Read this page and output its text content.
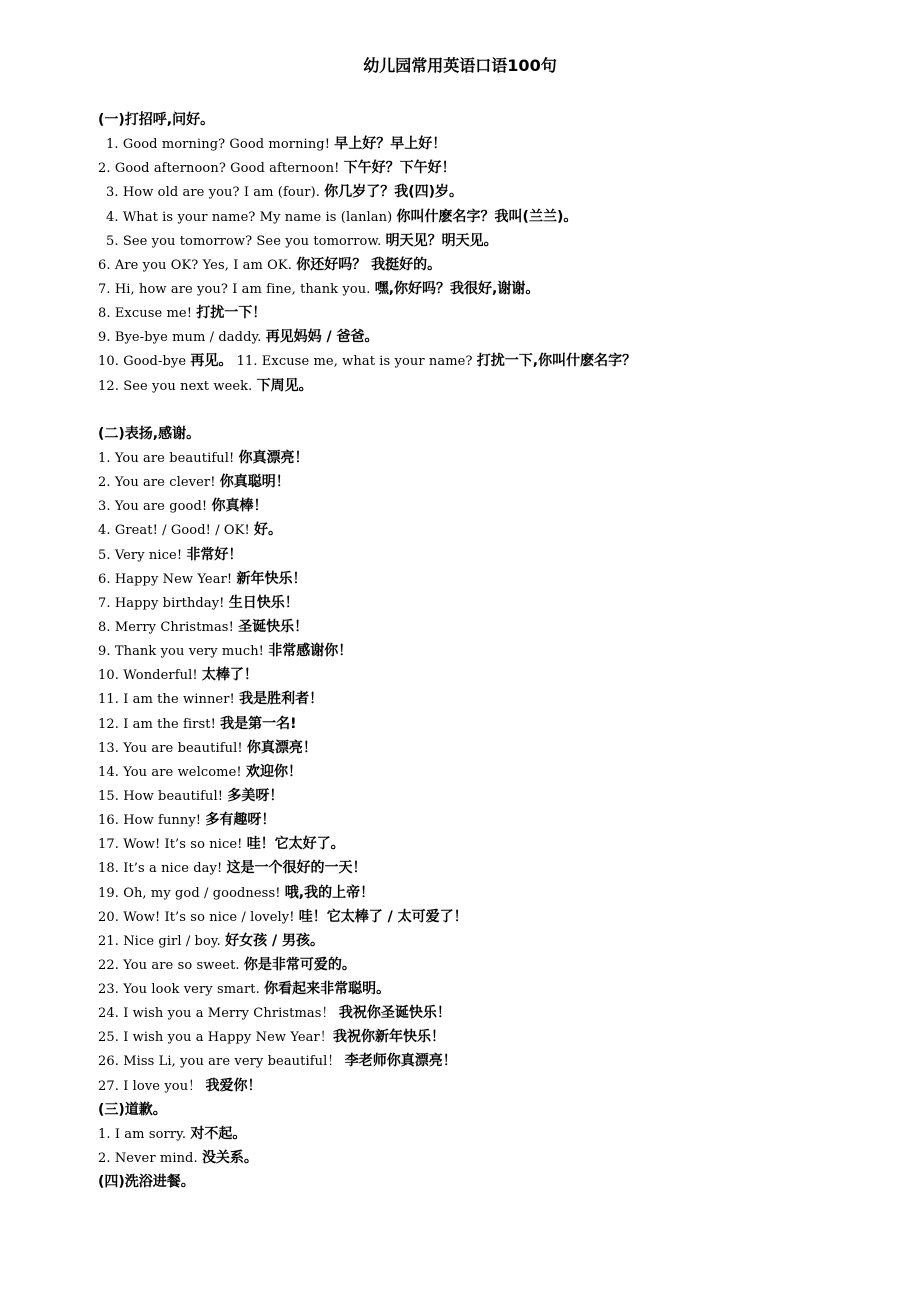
幼儿园常用英语口语100句
(一)打招呼,问好。
1. Good morning? Good morning! 早上好？早上好！
2. Good afternoon? Good afternoon! 下午好？下午好！
3. How old are you? I am (four). 你几岁了？我(四)岁。
4. What is your name? My name is (lanlan) 你叫什麽名字？我叫(兰兰)。
5. See you tomorrow? See you tomorrow. 明天见？明天见。
6. Are you OK? Yes, I am OK. 你还好吗？ 我挺好的。
7. Hi, how are you? I am fine, thank you. 嘿,你好吗？我很好,谢谢。
8. Excuse me! 打扰一下！
9. Bye-bye mum / daddy. 再见妈妈 / 爸爸。
10. Good-bye 再见。 11. Excuse me, what is your name? 打扰一下,你叫什麽名字？
12. See you next week. 下周见。
(二)表扬,感谢。
1. You are beautiful! 你真漂亮！
2. You are clever! 你真聪明！
3. You are good! 你真棒！
4. Great! / Good! / OK! 好。
5. Very nice! 非常好！
6. Happy New Year! 新年快乐！
7. Happy birthday! 生日快乐！
8. Merry Christmas! 圣诞快乐！
9. Thank you very much! 非常感谢你！
10. Wonderful! 太棒了！
11. I am the winner! 我是胜利者！
12. I am the first! 我是第一名!
13. You are beautiful! 你真漂亮！
14. You are welcome! 欢迎你！
15. How beautiful! 多美呀！
16. How funny! 多有趣呀！
17. Wow! It’s so nice! 哇！它太好了。
18. It’s a nice day! 这是一个很好的一天！
19. Oh, my god / goodness! 哦,我的上帝！
20. Wow! It’s so nice / lovely! 哇！它太棒了 / 太可爱了！
21. Nice girl / boy. 好女孩 / 男孩。
22. You are so sweet. 你是非常可爱的。
23. You look very smart. 你看起来非常聪明。
24. I wish you a Merry Christmas！ 我祝你圣诞快乐！
25. I wish you a Happy New Year！我祝你新年快乐！
26. Miss Li, you are very beautiful！ 李老师你真漂亮！
27. I love you！ 我爱你！
(三)道歉。
1. I am sorry. 对不起。
2. Never mind. 没关系。
(四)洗浴进餐。
